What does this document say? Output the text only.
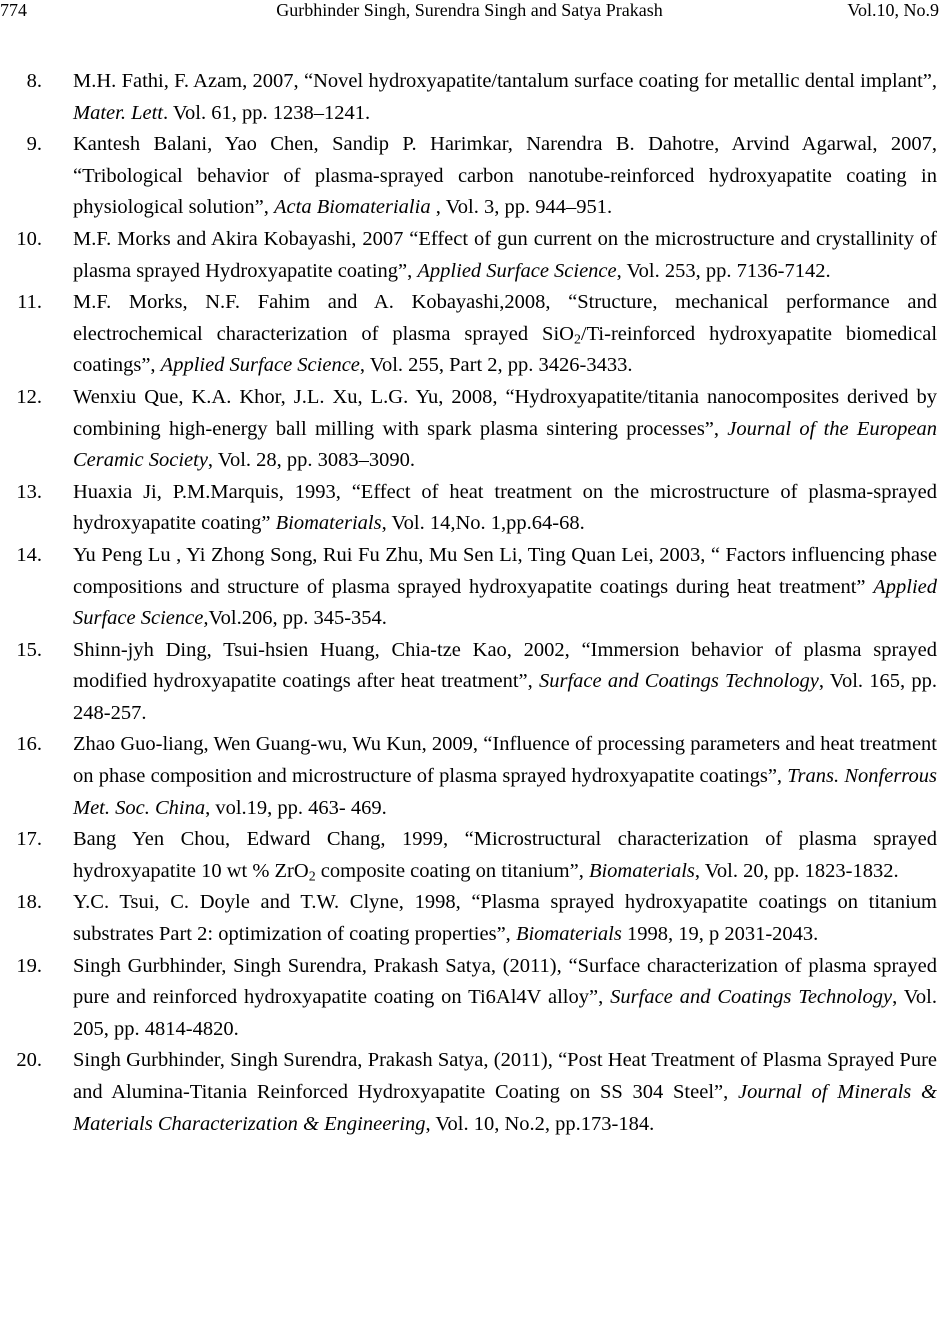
774	Gurbhinder Singh, Surendra Singh and Satya Prakash	Vol.10, No.9
8. M.H. Fathi, F. Azam, 2007, “Novel hydroxyapatite/tantalum surface coating for metallic dental implant”, Mater. Lett. Vol. 61, pp. 1238–1241.
9. Kantesh Balani, Yao Chen, Sandip P. Harimkar, Narendra B. Dahotre, Arvind Agarwal, 2007, “Tribological behavior of plasma-sprayed carbon nanotube-reinforced hydroxyapatite coating in physiological solution”, Acta Biomaterialia , Vol. 3, pp. 944–951.
10. M.F. Morks and Akira Kobayashi, 2007 “Effect of gun current on the microstructure and crystallinity of plasma sprayed Hydroxyapatite coating”, Applied Surface Science, Vol. 253, pp. 7136-7142.
11. M.F. Morks, N.F. Fahim and A. Kobayashi,2008, “Structure, mechanical performance and electrochemical characterization of plasma sprayed SiO$_2$/Ti-reinforced hydroxyapatite biomedical coatings”, Applied Surface Science, Vol. 255, Part 2, pp. 3426-3433.
12. Wenxiu Que, K.A. Khor, J.L. Xu, L.G. Yu, 2008, “Hydroxyapatite/titania nanocomposites derived by combining high-energy ball milling with spark plasma sintering processes”, Journal of the European Ceramic Society, Vol. 28, pp. 3083–3090.
13. Huaxia Ji, P.M.Marquis, 1993, “Effect of heat treatment on the microstructure of plasma-sprayed hydroxyapatite coating” Biomaterials, Vol. 14,No. 1,pp.64-68.
14. Yu Peng Lu , Yi Zhong Song, Rui Fu Zhu, Mu Sen Li, Ting Quan Lei, 2003, “ Factors influencing phase compositions and structure of plasma sprayed hydroxyapatite coatings during heat treatment” Applied Surface Science,Vol.206, pp. 345-354.
15. Shinn-jyh Ding, Tsui-hsien Huang, Chia-tze Kao, 2002, “Immersion behavior of plasma sprayed modified hydroxyapatite coatings after heat treatment”, Surface and Coatings Technology, Vol. 165, pp. 248-257.
16. Zhao Guo-liang, Wen Guang-wu, Wu Kun, 2009, “Influence of processing parameters and heat treatment on phase composition and microstructure of plasma sprayed hydroxyapatite coatings”, Trans. Nonferrous Met. Soc. China, vol.19, pp. 463- 469.
17. Bang Yen Chou, Edward Chang, 1999, “Microstructural characterization of plasma sprayed hydroxyapatite 10 wt % ZrO$_2$ composite coating on titanium”, Biomaterials, Vol. 20, pp. 1823-1832.
18. Y.C. Tsui, C. Doyle and T.W. Clyne, 1998, “Plasma sprayed hydroxyapatite coatings on titanium substrates Part 2: optimization of coating properties”, Biomaterials 1998, 19, p 2031-2043.
19. Singh Gurbhinder, Singh Surendra, Prakash Satya, (2011), “Surface characterization of plasma sprayed pure and reinforced hydroxyapatite coating on Ti6Al4V alloy”, Surface and Coatings Technology, Vol. 205, pp. 4814-4820.
20. Singh Gurbhinder, Singh Surendra, Prakash Satya, (2011), “Post Heat Treatment of Plasma Sprayed Pure and Alumina-Titania Reinforced Hydroxyapatite Coating on SS 304 Steel”, Journal of Minerals & Materials Characterization & Engineering, Vol. 10, No.2, pp.173-184.
